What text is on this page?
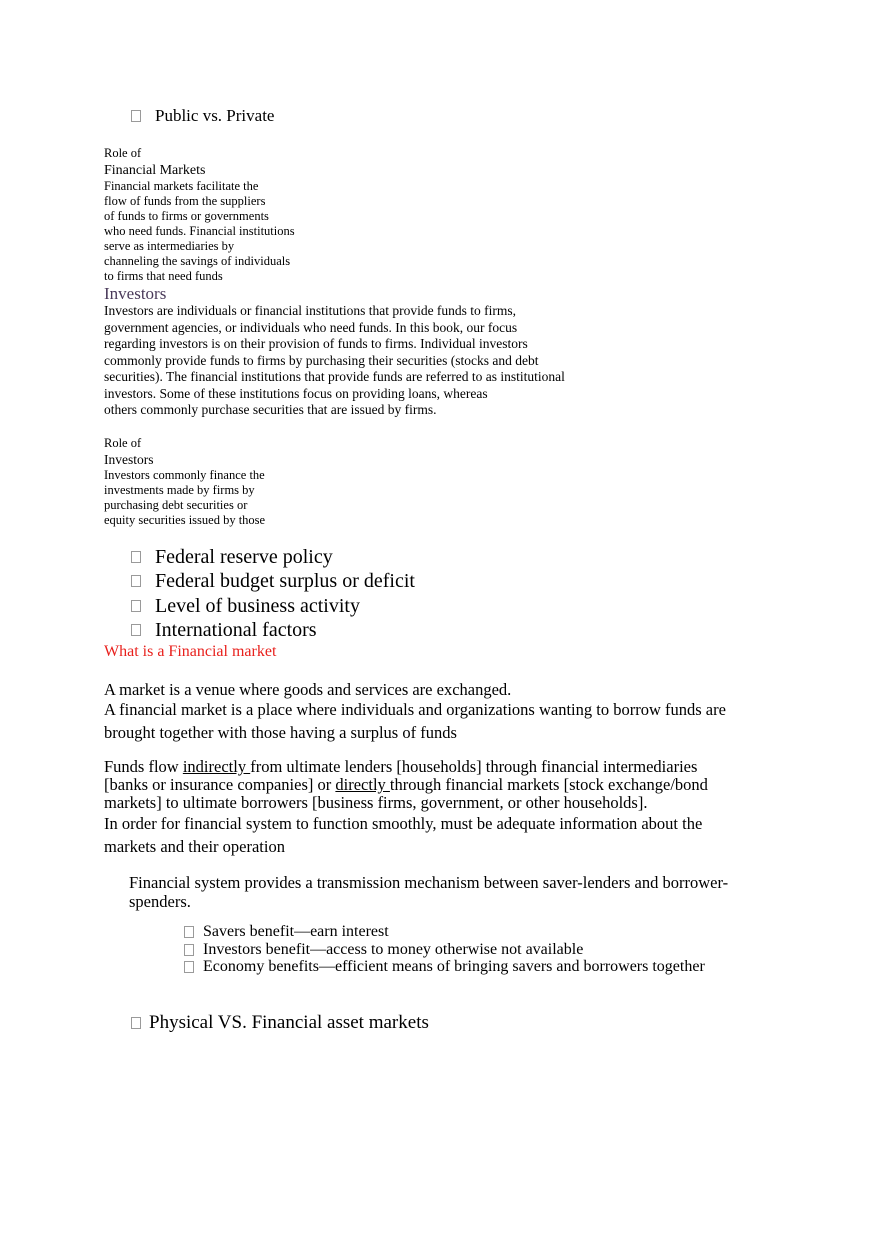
Public vs. Private
Role of
Financial Markets
Financial markets facilitate the
flow of funds from the suppliers
of funds to firms or governments
who need funds. Financial institutions
serve as intermediaries by
channeling the savings of individuals
to firms that need funds
Investors
Investors are individuals or financial institutions that provide funds to firms,
government agencies, or individuals who need funds. In this book, our focus
regarding investors is on their provision of funds to firms. Individual investors
commonly provide funds to firms by purchasing their securities (stocks and debt
securities). The financial institutions that provide funds are referred to as institutional
investors. Some of these institutions focus on providing loans, whereas
others commonly purchase securities that are issued by firms.
Role of
Investors
Investors commonly finance the
investments made by firms by
purchasing debt securities or
equity securities issued by those
Federal reserve policy
Federal budget surplus or deficit
Level of business activity
International factors
What is a Financial market
A market is a venue where goods and services are exchanged.
A financial market is a place where individuals and organizations wanting to borrow funds are
brought together with those having a surplus of funds
Funds flow indirectly from ultimate lenders [households] through financial intermediaries
[banks or insurance companies] or directly through financial markets [stock exchange/bond
markets] to ultimate borrowers [business firms, government, or other households].
In order for financial system to function smoothly, must be adequate information about the
markets and their operation
Financial system provides a transmission mechanism between saver-lenders and borrower-
spenders.
Savers benefit—earn interest
Investors benefit—access to money otherwise not available
Economy benefits—efficient means of bringing savers and borrowers together
Physical VS. Financial asset markets
